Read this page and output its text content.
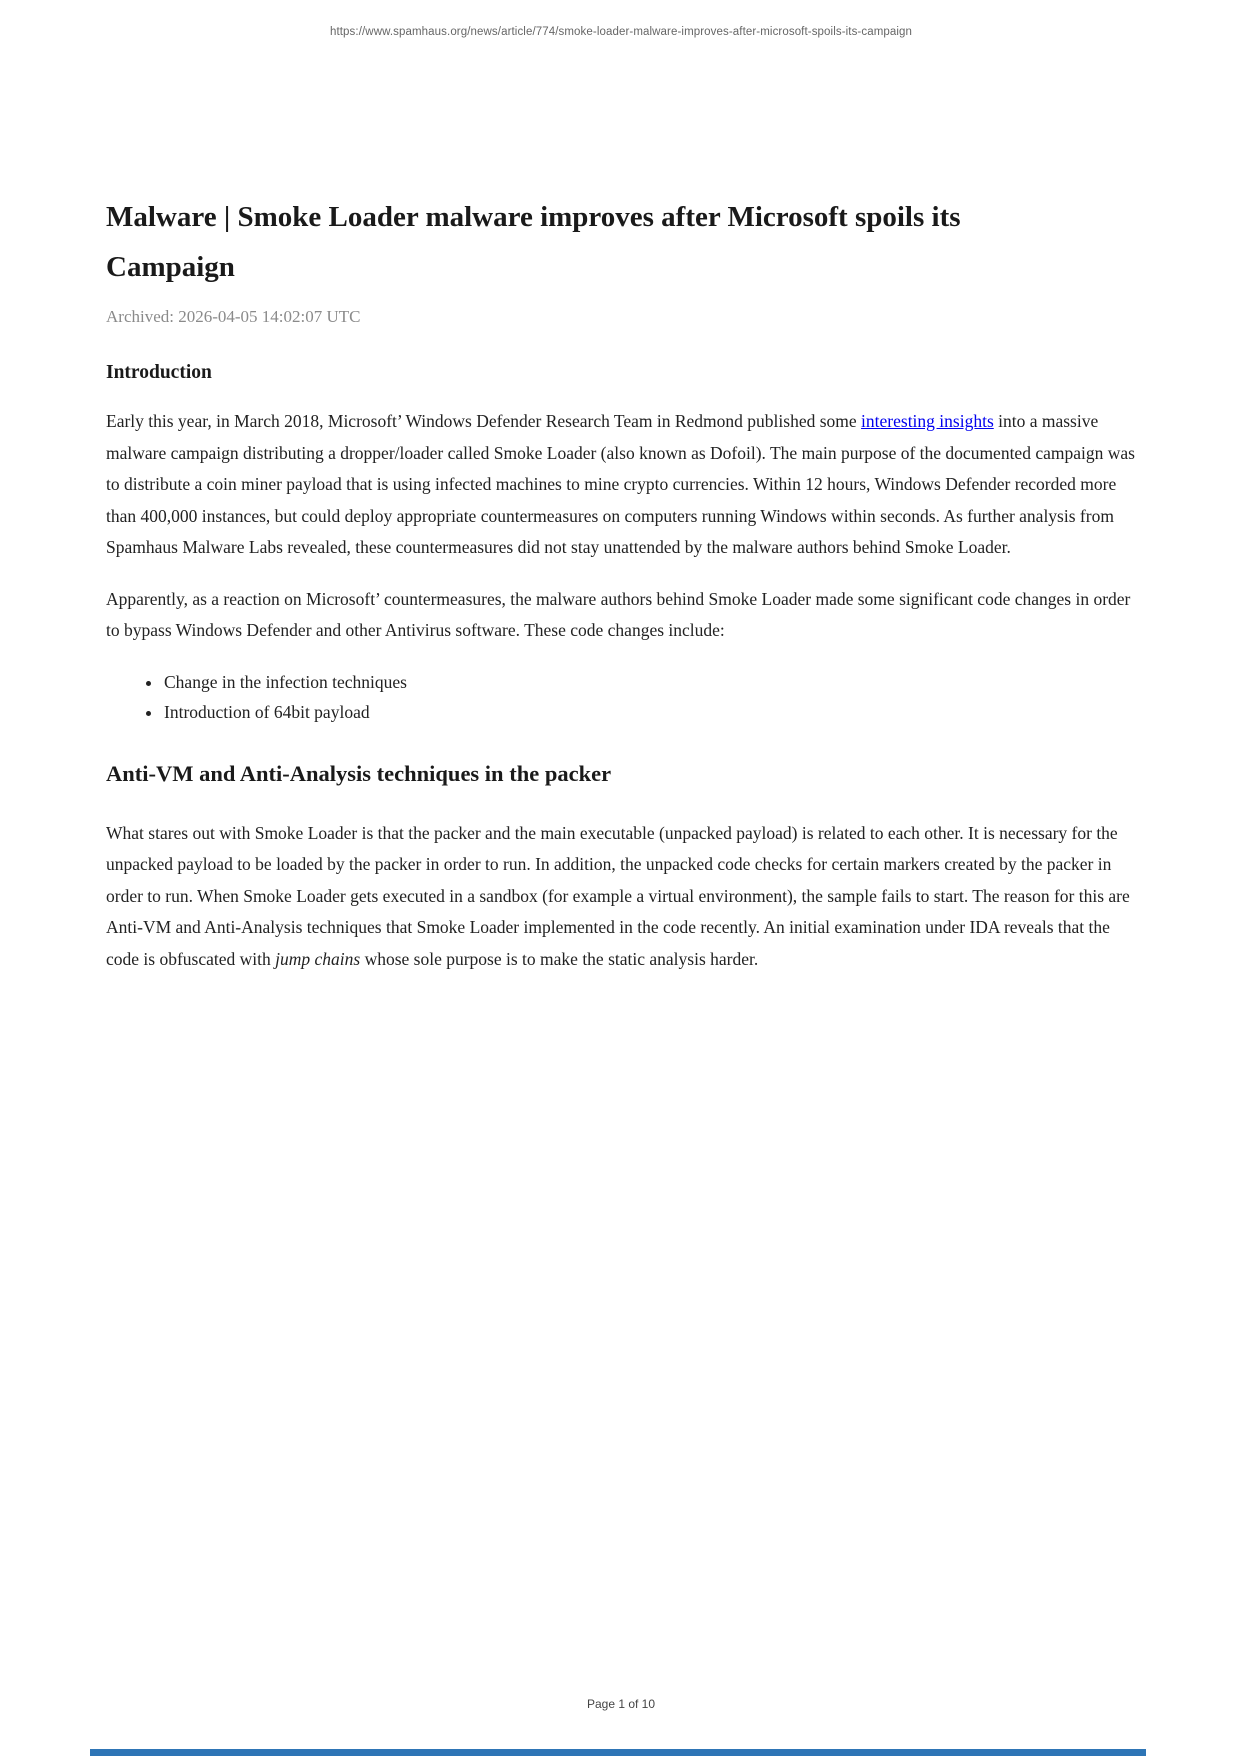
https://www.spamhaus.org/news/article/774/smoke-loader-malware-improves-after-microsoft-spoils-its-campaign
Malware | Smoke Loader malware improves after Microsoft spoils its Campaign
Archived: 2026-04-05 14:02:07 UTC
Introduction

Early this year, in March 2018, Microsoft’ Windows Defender Research Team in Redmond published some interesting insights into a massive malware campaign distributing a dropper/loader called Smoke Loader (also known as Dofoil). The main purpose of the documented campaign was to distribute a coin miner payload that is using infected machines to mine crypto currencies. Within 12 hours, Windows Defender recorded more than 400,000 instances, but could deploy appropriate countermeasures on computers running Windows within seconds. As further analysis from Spamhaus Malware Labs revealed, these countermeasures did not stay unattended by the malware authors behind Smoke Loader.

Apparently, as a reaction on Microsoft’ countermeasures, the malware authors behind Smoke Loader made some significant code changes in order to bypass Windows Defender and other Antivirus software. These code changes include:

• Change in the infection techniques
• Introduction of 64bit payload
Anti-VM and Anti-Analysis techniques in the packer

What stares out with Smoke Loader is that the packer and the main executable (unpacked payload) is related to each other. It is necessary for the unpacked payload to be loaded by the packer in order to run. In addition, the unpacked code checks for certain markers created by the packer in order to run. When Smoke Loader gets executed in a sandbox (for example a virtual environment), the sample fails to start. The reason for this are Anti-VM and Anti-Analysis techniques that Smoke Loader implemented in the code recently. An initial examination under IDA reveals that the code is obfuscated with jump chains whose sole purpose is to make the static analysis harder.

Page 1 of 10
